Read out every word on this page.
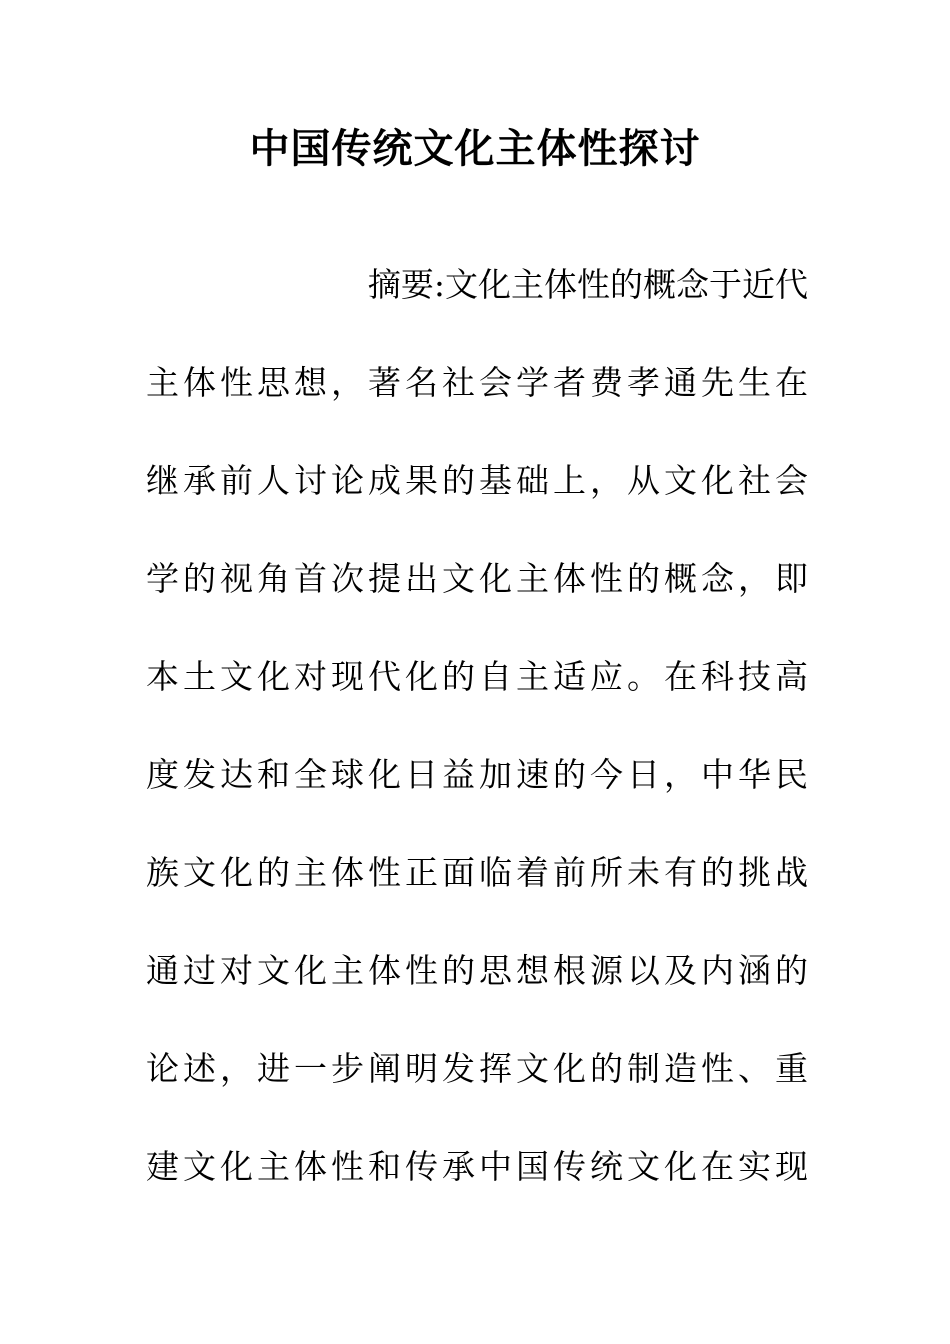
中国传统文化主体性探讨
摘要:文化主体性的概念于近代
主体性思想，著名社会学者费孝通先生在
继承前人讨论成果的基础上，从文化社会
学的视角首次提出文化主体性的概念，即
本土文化对现代化的自主适应。在科技高
度发达和全球化日益加速的今日，中华民
族文化的主体性正面临着前所未有的挑战
通过对文化主体性的思想根源以及内涵的
论述，进一步阐明发挥文化的制造性、重
建文化主体性和传承中国传统文化在实现
